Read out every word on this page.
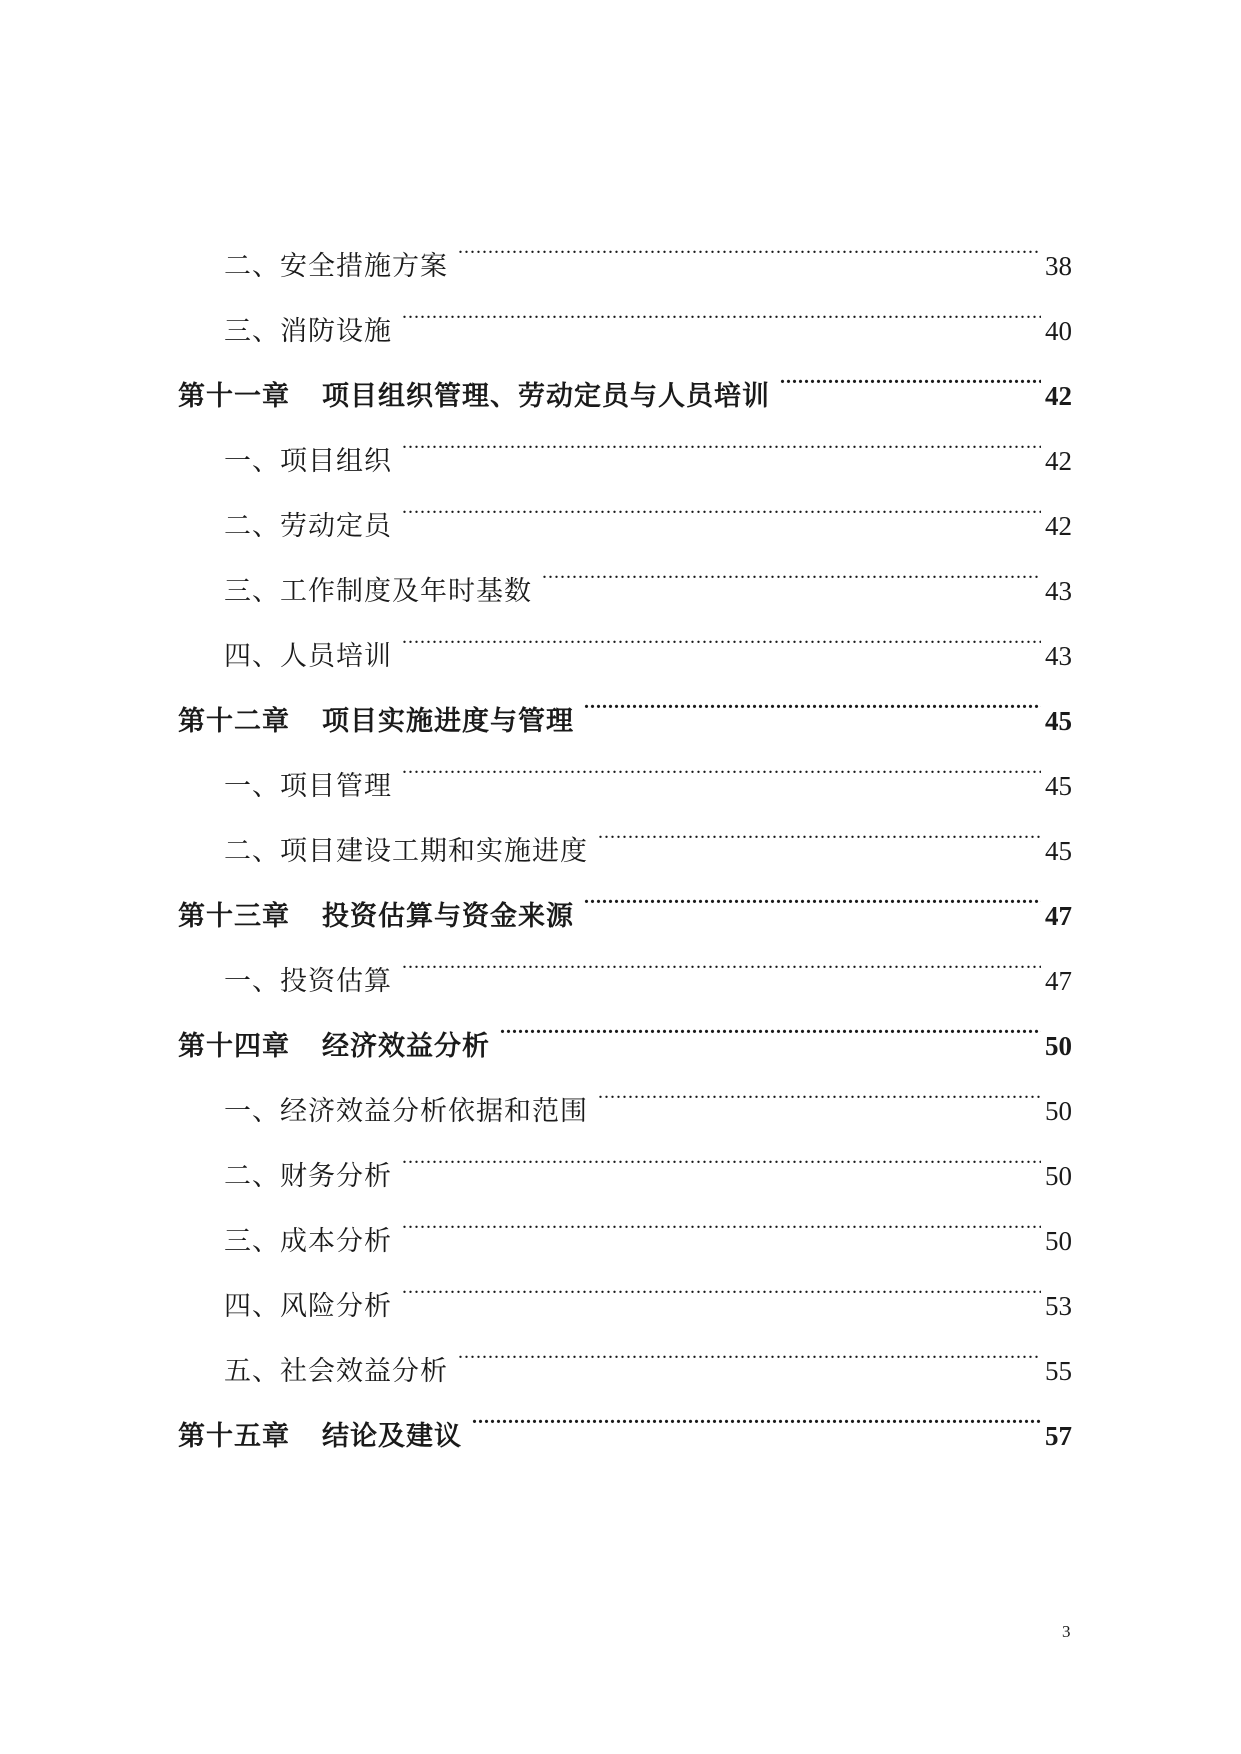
二、安全措施方案 .....	38
三、消防设施 .....	40
第十一章 项目组织管理、劳动定员与人员培训 .....	42
一、项目组织 .....	42
二、劳动定员 .....	42
三、工作制度及年时基数 .....	43
四、人员培训 .....	43
第十二章 项目实施进度与管理 .....	45
一、项目管理 .....	45
二、项目建设工期和实施进度 .....	45
第十三章 投资估算与资金来源 .....	47
一、投资估算 .....	47
第十四章 经济效益分析 .....	50
一、经济效益分析依据和范围 .....	50
二、财务分析 .....	50
三、成本分析 .....	50
四、风险分析 .....	53
五、社会效益分析 .....	55
第十五章 结论及建议 .....	57
3
